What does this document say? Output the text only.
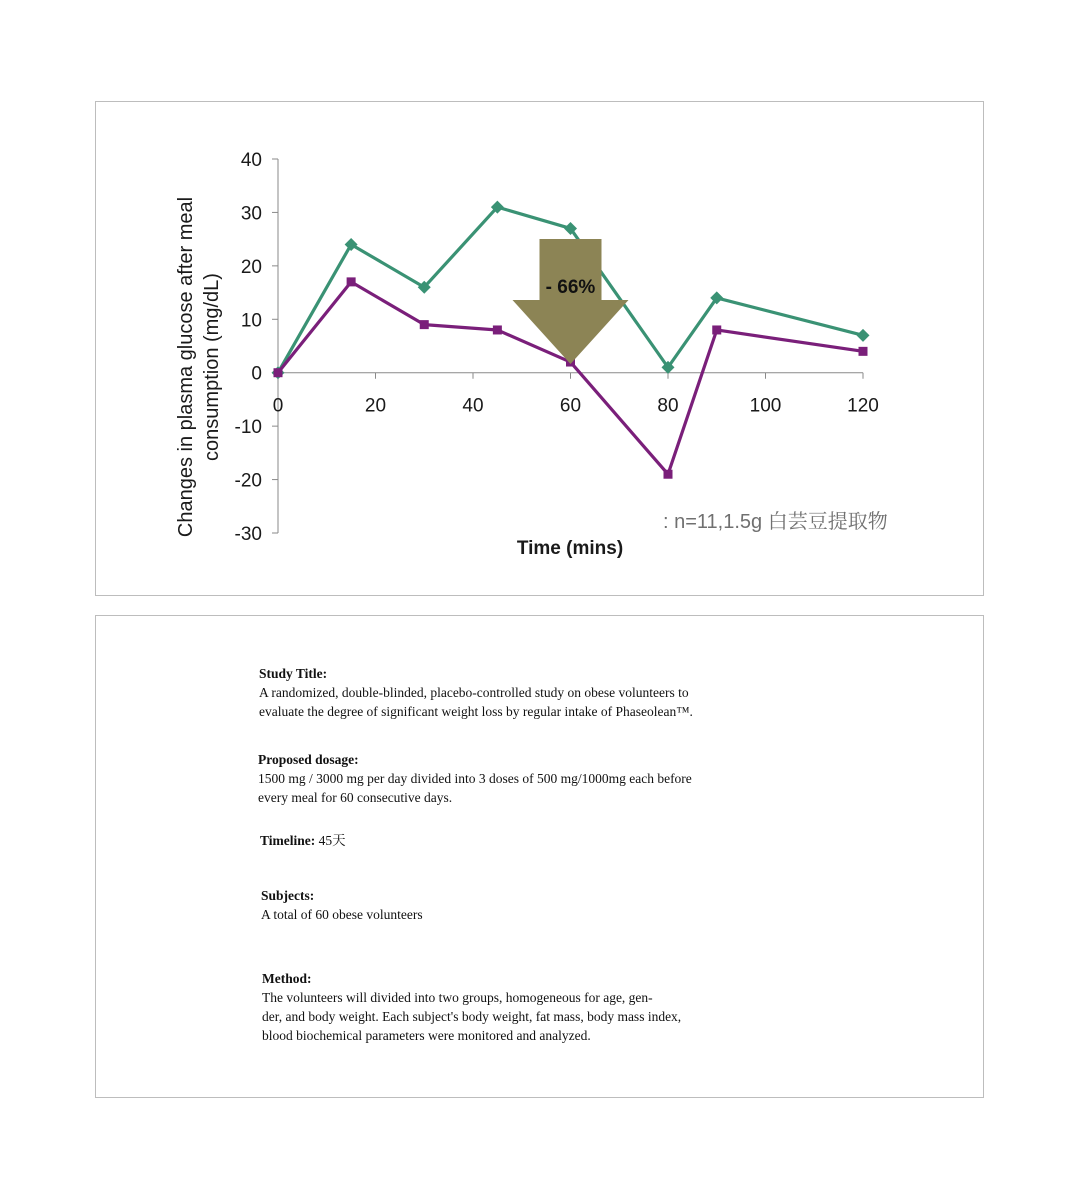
40
30
20
10
0
-10
-20
-30
0	20	40	60	80	100	120
- 66%
Changes in plasma glucose after meal consumption (mg/dL)
Time (mins)
: n=11,1.5g 白芸豆提取物

Study Title:

A randomized, double-blinded, placebo-controlled study on obese volunteers to

evaluate the degree of significant weight loss by regular intake of Phaseolean™.

Proposed dosage:

1500 mg / 3000 mg per day divided into 3 doses of 500 mg/1000mg each before

every meal for 60 consecutive days.

Timeline: 45天

Subjects:

A total of 60 obese volunteers

Method:

The volunteers will divided into two groups, homogeneous for age, gen-

der, and body weight. Each subject's body weight, fat mass, body mass index,

blood biochemical parameters were monitored and analyzed.
